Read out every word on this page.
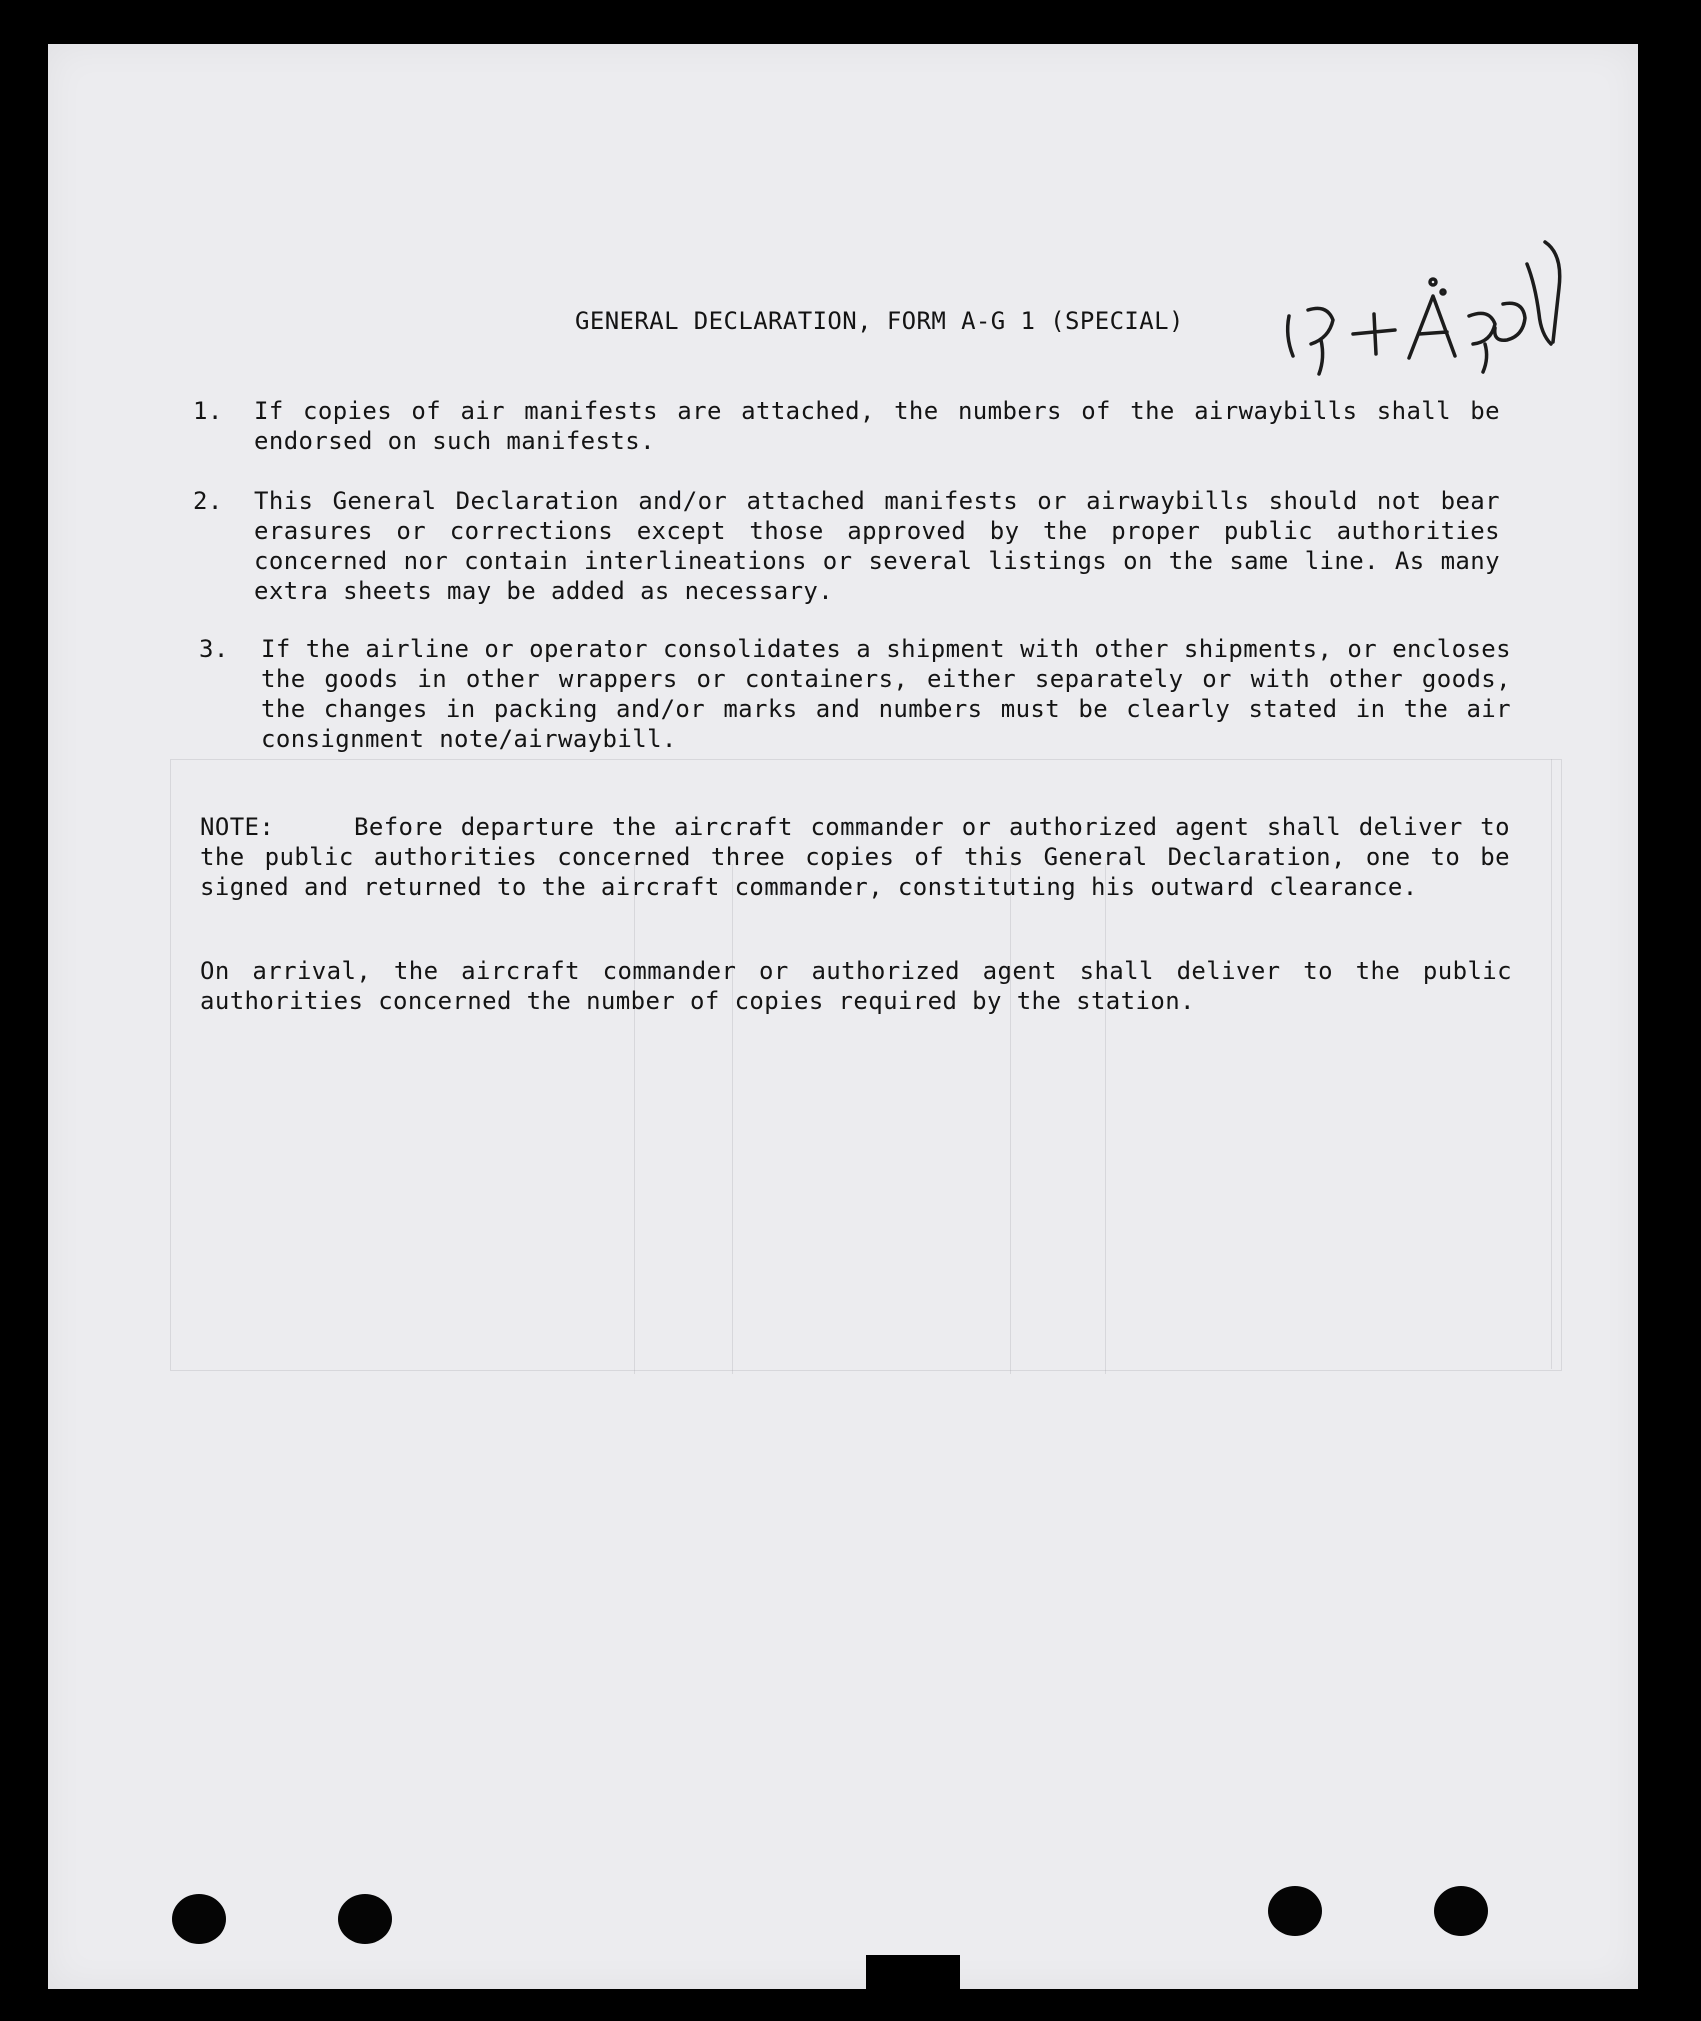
GENERAL DECLARATION, FORM A-G 1 (SPECIAL)
1. If copies of air manifests are attached, the numbers of the airwaybills shall be endorsed on such manifests.
2. This General Declaration and/or attached manifests or airwaybills should not bear erasures or corrections except those approved by the proper public authorities concerned nor contain interlineations or several listings on the same line. As many extra sheets may be added as necessary.
3. If the airline or operator consolidates a shipment with other shipments, or encloses the goods in other wrappers or containers, either separately or with other goods, the changes in packing and/or marks and numbers must be clearly stated in the air consignment note/airwaybill.
NOTE:	Before departure the aircraft commander or authorized agent shall deliver to the public authorities concerned three copies of this General Declaration, one to be signed and returned to the aircraft commander, constituting his outward clearance.
On arrival, the aircraft commander or authorized agent shall deliver to the public authorities concerned the number of copies required by the station.
